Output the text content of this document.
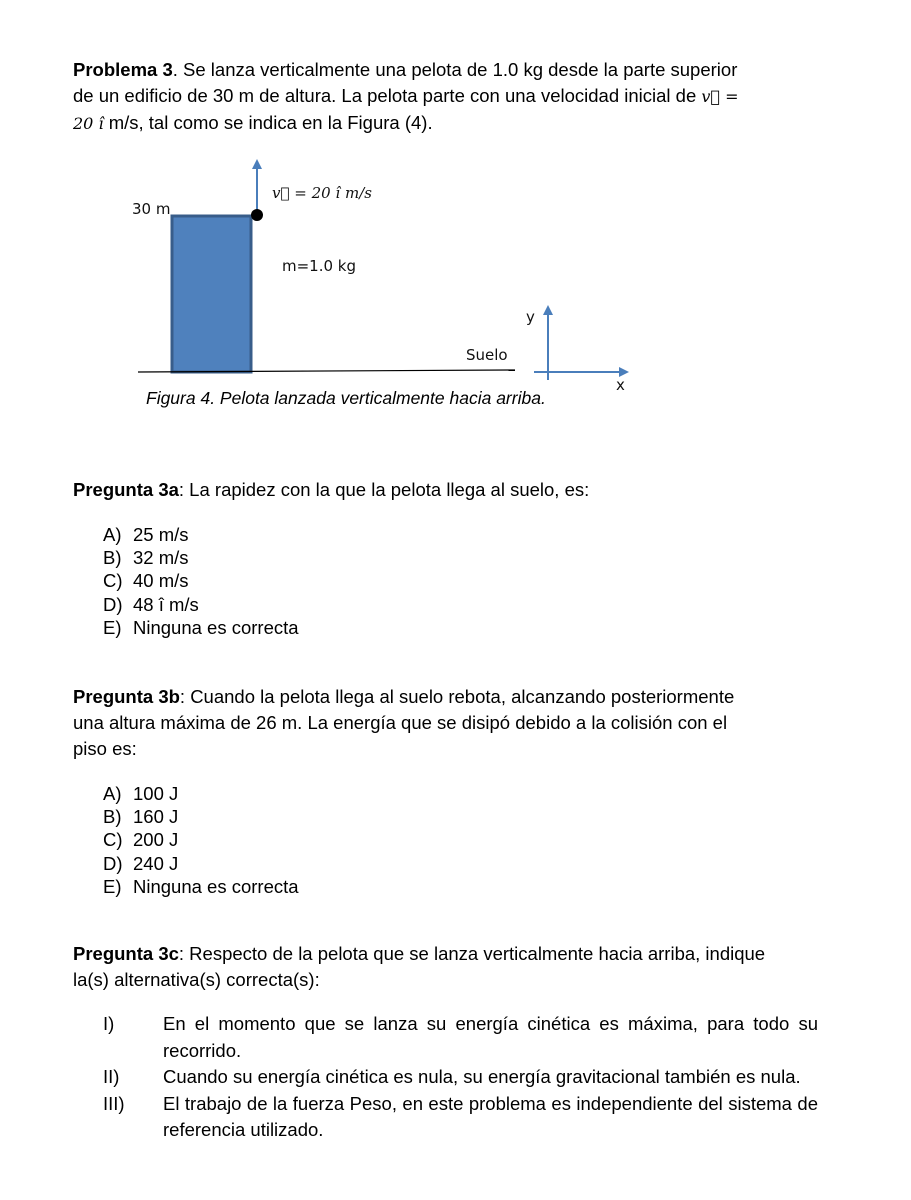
Problema 3. Se lanza verticalmente una pelota de 1.0 kg desde la parte superior
de un edificio de 30 m de altura. La pelota parte con una velocidad inicial de v⃗ =
20 î m/s, tal como se indica en la Figura (4).
30 m
v⃗ = 20 î m/s
m=1.0 kg
Suelo
y
x
Figura 4. Pelota lanzada verticalmente hacia arriba.
Pregunta 3a: La rapidez con la que la pelota llega al suelo, es:
A) 25 m/s
B) 32 m/s
C) 40 m/s
D) 48 î m/s
E) Ninguna es correcta
Pregunta 3b: Cuando la pelota llega al suelo rebota, alcanzando posteriormente
una altura máxima de 26 m. La energía que se disipó debido a la colisión con el
piso es:
A) 100 J
B) 160 J
C) 200 J
D) 240 J
E) Ninguna es correcta
Pregunta 3c: Respecto de la pelota que se lanza verticalmente hacia arriba, indique
la(s) alternativa(s) correcta(s):
I)	En el momento que se lanza su energía cinética es máxima, para todo su recorrido.
II)	Cuando su energía cinética es nula, su energía gravitacional también es nula.
III)	El trabajo de la fuerza Peso, en este problema es independiente del sistema de referencia utilizado.
